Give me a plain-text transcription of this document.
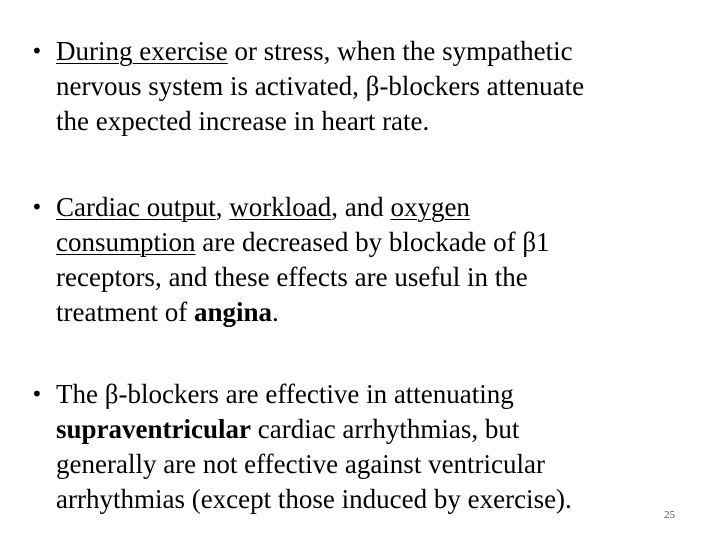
• During exercise or stress, when the sympathetic
nervous system is activated, β-blockers attenuate
the expected increase in heart rate.
• Cardiac output, workload, and oxygen
consumption are decreased by blockade of β1
receptors, and these effects are useful in the
treatment of angina.
• The β-blockers are effective in attenuating
supraventricular cardiac arrhythmias, but
generally are not effective against ventricular
arrhythmias (except those induced by exercise).
25
